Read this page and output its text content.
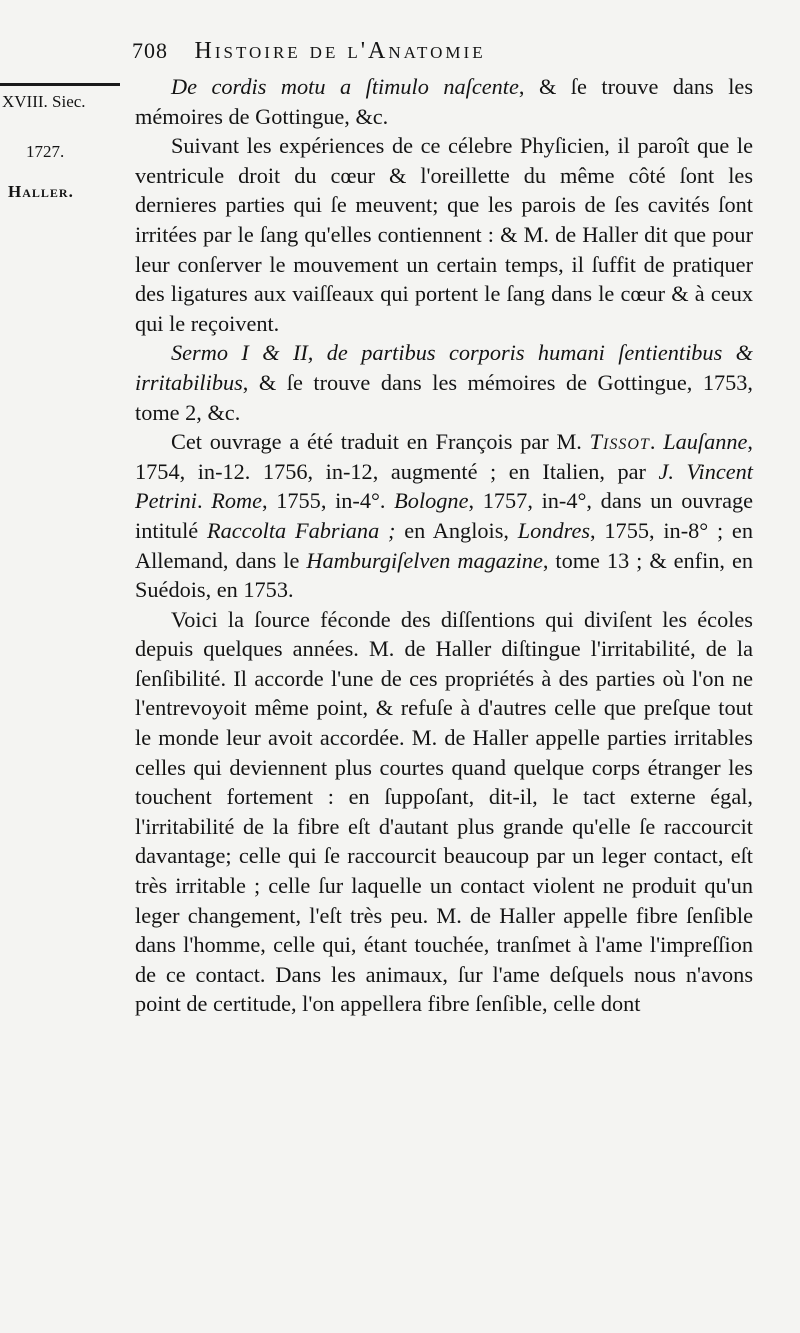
708 Histoire de l'Anatomie
XVIII. Siec.
1727.
Haller.

De cordis motu a ſtimulo naſcente, & ſe trouve dans les mémoires de Gottingue, &c.

Suivant les expériences de ce célebre Phyſicien, il paroît que le ventricule droit du cœur & l'oreillette du même côté ſont les dernieres parties qui ſe meuvent; que les parois de ſes cavités ſont irritées par le ſang qu'elles contiennent : & M. de Haller dit que pour leur conſerver le mouvement un certain temps, il ſuffit de pratiquer des ligatures aux vaiſſeaux qui portent le ſang dans le cœur & à ceux qui le reçoivent.

Sermo I & II, de partibus corporis humani ſentientibus & irritabilibus, & ſe trouve dans les mémoires de Gottingue, 1753, tome 2, &c.

Cet ouvrage a été traduit en François par M. Tissot. Lauſanne, 1754, in-12. 1756, in-12, augmenté ; en Italien, par J. Vincent Petrini. Rome, 1755, in-4°. Bologne, 1757, in-4°, dans un ouvrage intitulé Raccolta Fabriana ; en Anglois, Londres, 1755, in-8° ; en Allemand, dans le Hamburgiſelven magazine, tome 13 ; & enfin, en Suédois, en 1753.

Voici la ſource féconde des diſſentions qui diviſent les écoles depuis quelques années. M. de Haller diſtingue l'irritabilité, de la ſenſibilité. Il accorde l'une de ces propriétés à des parties où l'on ne l'entrevoyoit même point, & refuſe à d'autres celle que preſque tout le monde leur avoit accordée. M. de Haller appelle parties irritables celles qui deviennent plus courtes quand quelque corps étranger les touchent fortement : en ſuppoſant, dit-il, le tact externe égal, l'irritabilité de la fibre eſt d'autant plus grande qu'elle ſe raccourcit davantage; celle qui ſe raccourcit beaucoup par un leger contact, eſt très irritable ; celle ſur laquelle un contact violent ne produit qu'un leger changement, l'eſt très peu. M. de Haller appelle fibre ſenſible dans l'homme, celle qui, étant touchée, tranſmet à l'ame l'impreſſion de ce contact. Dans les animaux, ſur l'ame deſquels nous n'avons point de certitude, l'on appellera fibre ſenſible, celle dont
